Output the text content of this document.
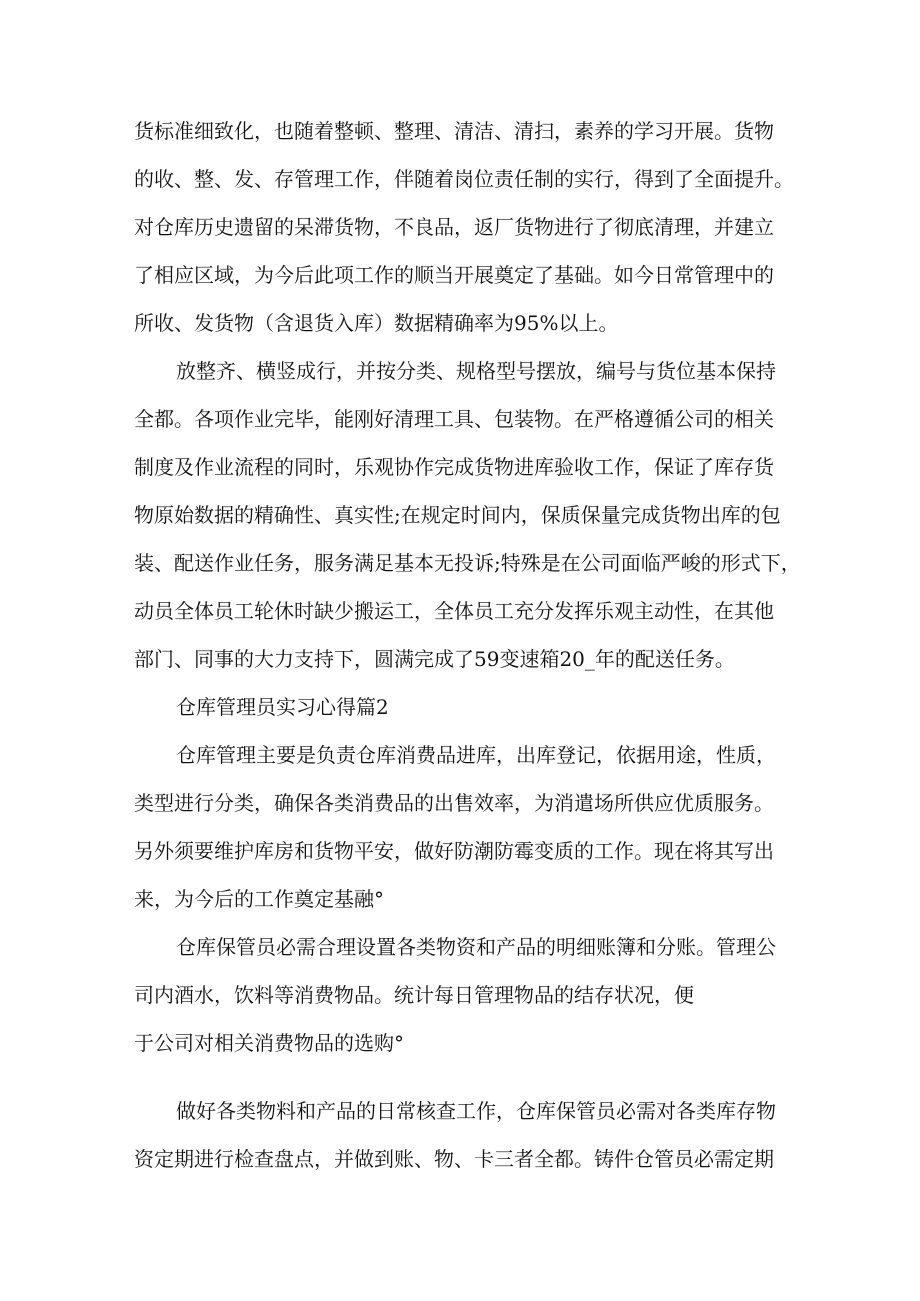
货标准细致化，也随着整顿、整理、清洁、清扫，素养的学习开展。货物

的收、整、发、存管理工作，伴随着岗位责任制的实行，得到了全面提升。

对仓库历史遗留的呆滞货物，不良品，返厂货物进行了彻底清理，并建立

了相应区域，为今后此项工作的顺当开展奠定了基础。如今日常管理中的

所收、发货物（含退货入库）数据精确率为95%以上。

放整齐、横竖成行，并按分类、规格型号摆放，编号与货位基本保持

全都。各项作业完毕，能刚好清理工具、包装物。在严格遵循公司的相关

制度及作业流程的同时，乐观协作完成货物进库验收工作，保证了库存货

物原始数据的精确性、真实性;在规定时间内，保质保量完成货物出库的包

装、配送作业任务，服务满足基本无投诉;特殊是在公司面临严峻的形式下，

动员全体员工轮休时缺少搬运工，全体员工充分发挥乐观主动性，在其他

部门、同事的大力支持下，圆满完成了59变速箱20_年的配送任务。

仓库管理员实习心得篇2

仓库管理主要是负责仓库消费品进库，出库登记，依据用途，性质，

类型进行分类，确保各类消费品的出售效率，为消遣场所供应优质服务。

另外须要维护库房和货物平安，做好防潮防霉变质的工作。现在将其写出

来，为今后的工作奠定基融°

仓库保管员必需合理设置各类物资和产品的明细账簿和分账。管理公

司内酒水，饮料等消费物品。统计每日管理物品的结存状况，便

于公司对相关消费物品的选购°

做好各类物料和产品的日常核查工作，仓库保管员必需对各类库存物

资定期进行检查盘点，并做到账、物、卡三者全都。铸件仓管员必需定期
